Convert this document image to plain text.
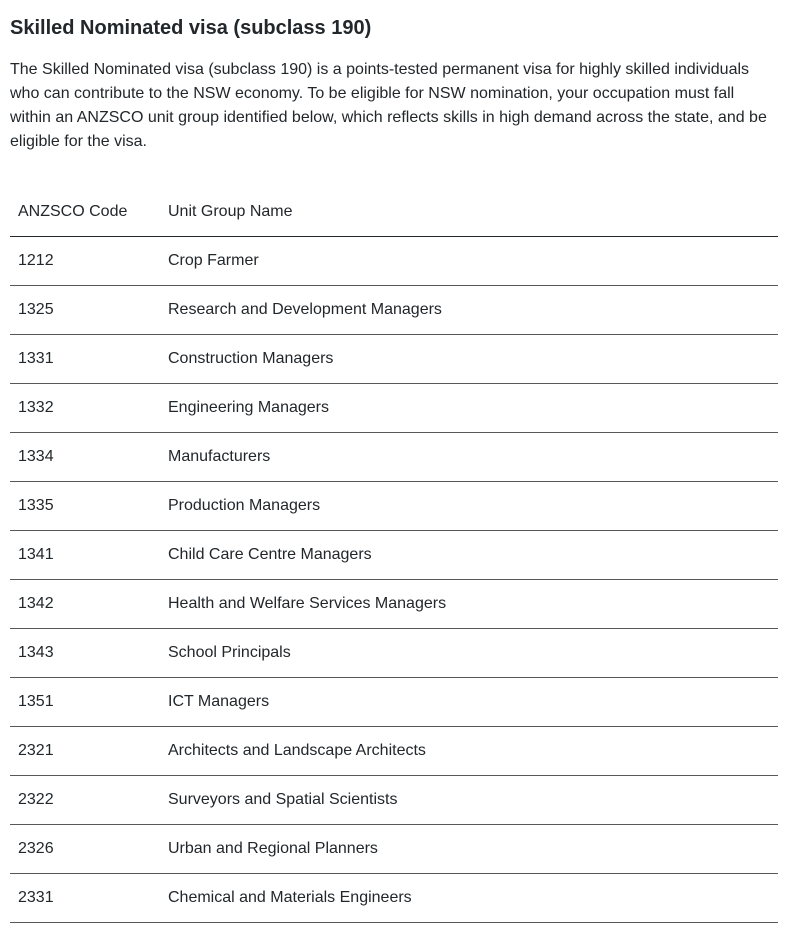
Skilled Nominated visa (subclass 190)

The Skilled Nominated visa (subclass 190) is a points-tested permanent visa for highly skilled individuals who can contribute to the NSW economy. To be eligible for NSW nomination, your occupation must fall within an ANZSCO unit group identified below, which reflects skills in high demand across the state, and be eligible for the visa.

ANZSCO Code	Unit Group Name
1212	Crop Farmer
1325	Research and Development Managers
1331	Construction Managers
1332	Engineering Managers
1334	Manufacturers
1335	Production Managers
1341	Child Care Centre Managers
1342	Health and Welfare Services Managers
1343	School Principals
1351	ICT Managers
2321	Architects and Landscape Architects
2322	Surveyors and Spatial Scientists
2326	Urban and Regional Planners
2331	Chemical and Materials Engineers
